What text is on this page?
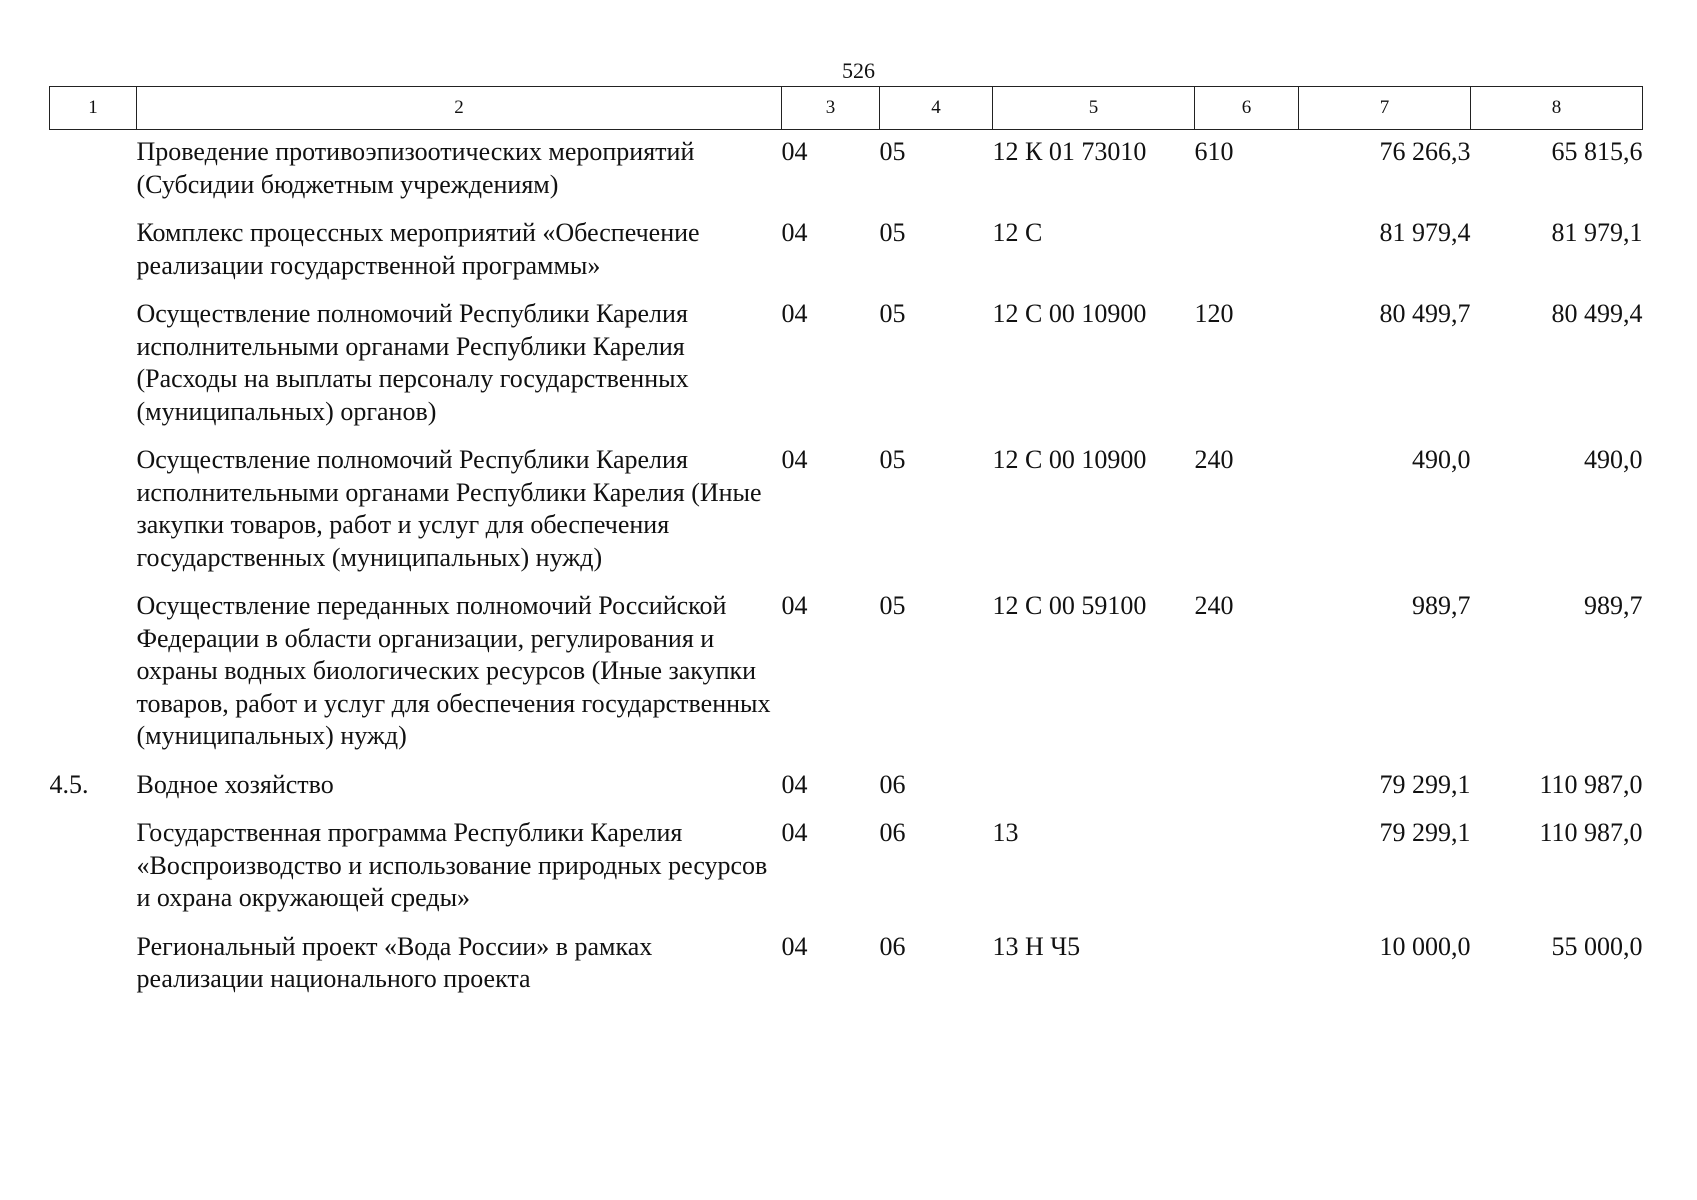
526
1	2	3	4	5	6	7	8
	Проведение противоэпизоотических мероприятий (Субсидии бюджетным учреждениям)	04	05	12 К 01 73010	610	76 266,3	65 815,6
	Комплекс процессных мероприятий «Обеспечение реализации государственной программы»	04	05	12 С		81 979,4	81 979,1
	Осуществление полномочий Республики Карелия исполнительными органами Республики Карелия (Расходы на выплаты персоналу государственных (муниципальных) органов)	04	05	12 С 00 10900	120	80 499,7	80 499,4
	Осуществление полномочий Республики Карелия исполнительными органами Республики Карелия (Иные закупки товаров, работ и услуг для обеспечения государственных (муниципальных) нужд)	04	05	12 С 00 10900	240	490,0	490,0
	Осуществление переданных полномочий Российской Федерации в области организации, регулирования и охраны водных биологических ресурсов (Иные закупки товаров, работ и услуг для обеспечения государственных (муниципальных) нужд)	04	05	12 С 00 59100	240	989,7	989,7
4.5.	Водное хозяйство	04	06			79 299,1	110 987,0
	Государственная программа Республики Карелия «Воспроизводство и использование природных ресурсов и охрана окружающей среды»	04	06	13		79 299,1	110 987,0
	Региональный проект «Вода России» в рамках реализации национального проекта	04	06	13 Н Ч5		10 000,0	55 000,0
